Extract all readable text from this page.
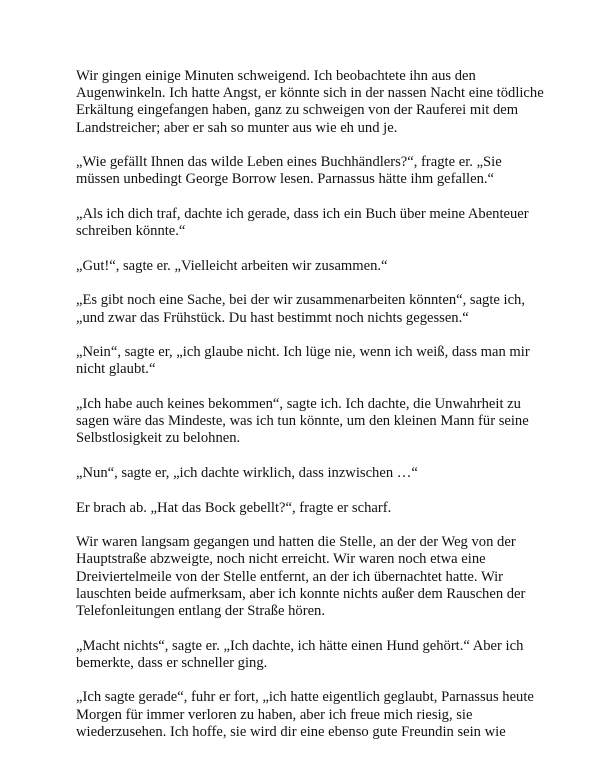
Wir gingen einige Minuten schweigend. Ich beobachtete ihn aus den Augenwinkeln. Ich hatte Angst, er könnte sich in der nassen Nacht eine tödliche Erkältung eingefangen haben, ganz zu schweigen von der Rauferei mit dem Landstreicher; aber er sah so munter aus wie eh und je.

„Wie gefällt Ihnen das wilde Leben eines Buchhändlers?“, fragte er. „Sie müssen unbedingt George Borrow lesen. Parnassus hätte ihm gefallen.“

„Als ich dich traf, dachte ich gerade, dass ich ein Buch über meine Abenteuer schreiben könnte.“

„Gut!“, sagte er. „Vielleicht arbeiten wir zusammen.“

„Es gibt noch eine Sache, bei der wir zusammenarbeiten könnten“, sagte ich, „und zwar das Frühstück. Du hast bestimmt noch nichts gegessen.“

„Nein“, sagte er, „ich glaube nicht. Ich lüge nie, wenn ich weiß, dass man mir nicht glaubt.“

„Ich habe auch keines bekommen“, sagte ich. Ich dachte, die Unwahrheit zu sagen wäre das Mindeste, was ich tun könnte, um den kleinen Mann für seine Selbstlosigkeit zu belohnen.

„Nun“, sagte er, „ich dachte wirklich, dass inzwischen …“

Er brach ab. „Hat das Bock gebellt?“, fragte er scharf.

Wir waren langsam gegangen und hatten die Stelle, an der der Weg von der Hauptstraße abzweigte, noch nicht erreicht. Wir waren noch etwa eine Dreiviertelmeile von der Stelle entfernt, an der ich übernachtet hatte. Wir lauschten beide aufmerksam, aber ich konnte nichts außer dem Rauschen der Telefonleitungen entlang der Straße hören.

„Macht nichts“, sagte er. „Ich dachte, ich hätte einen Hund gehört.“ Aber ich bemerkte, dass er schneller ging.

„Ich sagte gerade“, fuhr er fort, „ich hatte eigentlich geglaubt, Parnassus heute Morgen für immer verloren zu haben, aber ich freue mich riesig, sie wiederzusehen. Ich hoffe, sie wird dir eine ebenso gute Freundin sein wie
